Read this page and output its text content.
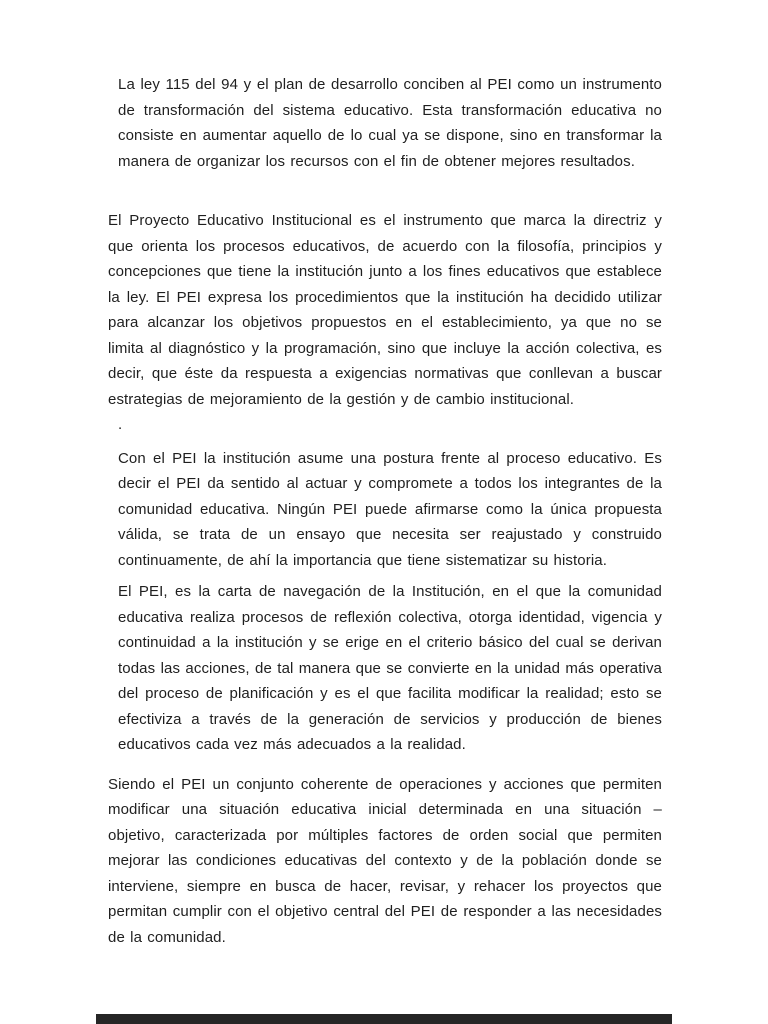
La ley 115 del 94 y el plan de desarrollo conciben al PEI como un instrumento de transformación del sistema educativo. Esta transformación educativa no consiste en aumentar aquello de lo cual ya se dispone, sino en transformar la manera de organizar los recursos con el fin de obtener mejores resultados.

El Proyecto Educativo Institucional es el instrumento que marca la directriz y que orienta los procesos educativos, de acuerdo con la filosofía, principios y concepciones que tiene la institución junto a los fines educativos que establece la ley. El PEI expresa los procedimientos que la institución ha decidido utilizar para alcanzar los objetivos propuestos en el establecimiento, ya que no se limita al diagnóstico y la programación, sino que incluye la acción colectiva, es decir, que éste da respuesta a exigencias normativas que conllevan a buscar estrategias de mejoramiento de la gestión y de cambio institucional.

.

Con el PEI la institución asume una postura frente al proceso educativo. Es decir el PEI da sentido al actuar y compromete a todos los integrantes de la comunidad educativa. Ningún PEI puede afirmarse como la única propuesta válida, se trata de un ensayo que necesita ser reajustado y construido continuamente, de ahí la importancia que tiene sistematizar su historia.

El PEI, es la carta de navegación de la Institución, en el que la comunidad educativa realiza procesos de reflexión colectiva, otorga identidad, vigencia y continuidad a la institución y se erige en el criterio básico del cual se derivan todas las acciones, de tal manera que se convierte en la unidad más operativa del proceso de planificación y es el que facilita modificar la realidad; esto se efectiviza a través de la generación de servicios y producción de bienes educativos cada vez más adecuados a la realidad.

Siendo el PEI un conjunto coherente de operaciones y acciones que permiten modificar una situación educativa inicial determinada en una situación – objetivo, caracterizada por múltiples factores de orden social que permiten mejorar las condiciones educativas del contexto y de la población donde se interviene, siempre en busca de hacer, revisar, y rehacer los proyectos que permitan cumplir con el objetivo central del PEI de responder a las necesidades de la comunidad.
